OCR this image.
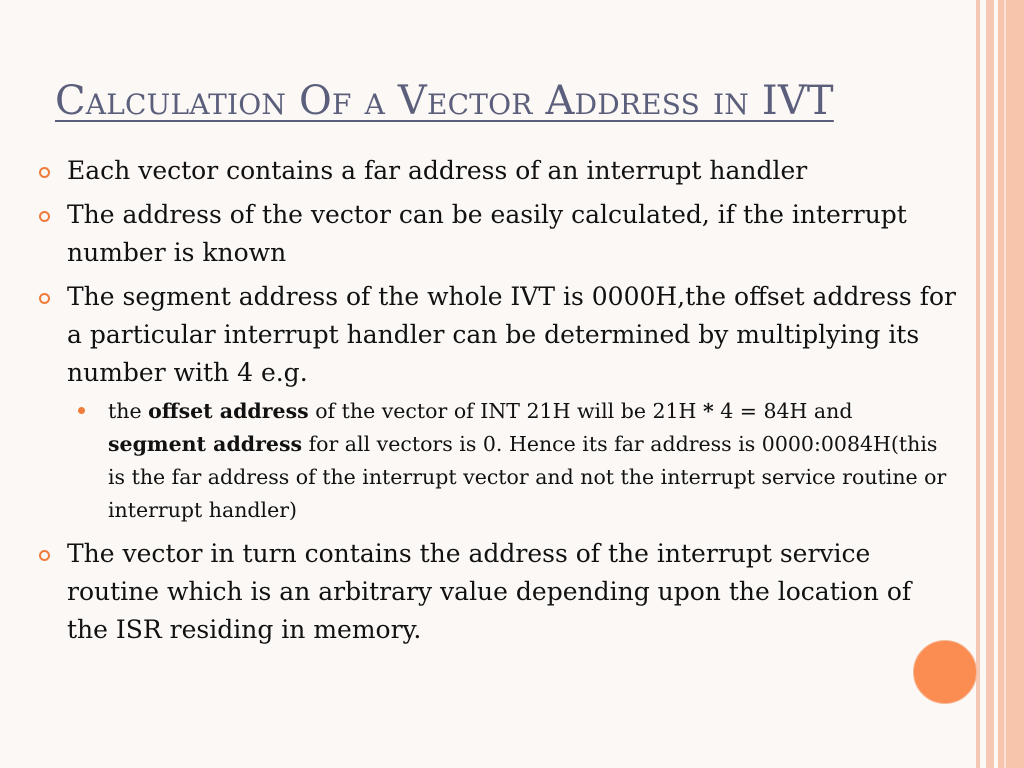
Calculation Of a Vector Address in IVT
Each vector contains a far address of an interrupt handler
The address of the vector can be easily calculated, if the interrupt number is known
The segment address of the whole IVT is 0000H,the offset address for a particular interrupt handler can be determined by multiplying its number with 4 e.g.
the offset address of the vector of INT 21H will be 21H * 4 = 84H and segment address for all vectors is 0. Hence its far address is 0000:0084H(this is the far address of the interrupt vector and not the interrupt service routine or interrupt handler)
The vector in turn contains the address of the interrupt service routine which is an arbitrary value depending upon the location of the ISR residing in memory.
